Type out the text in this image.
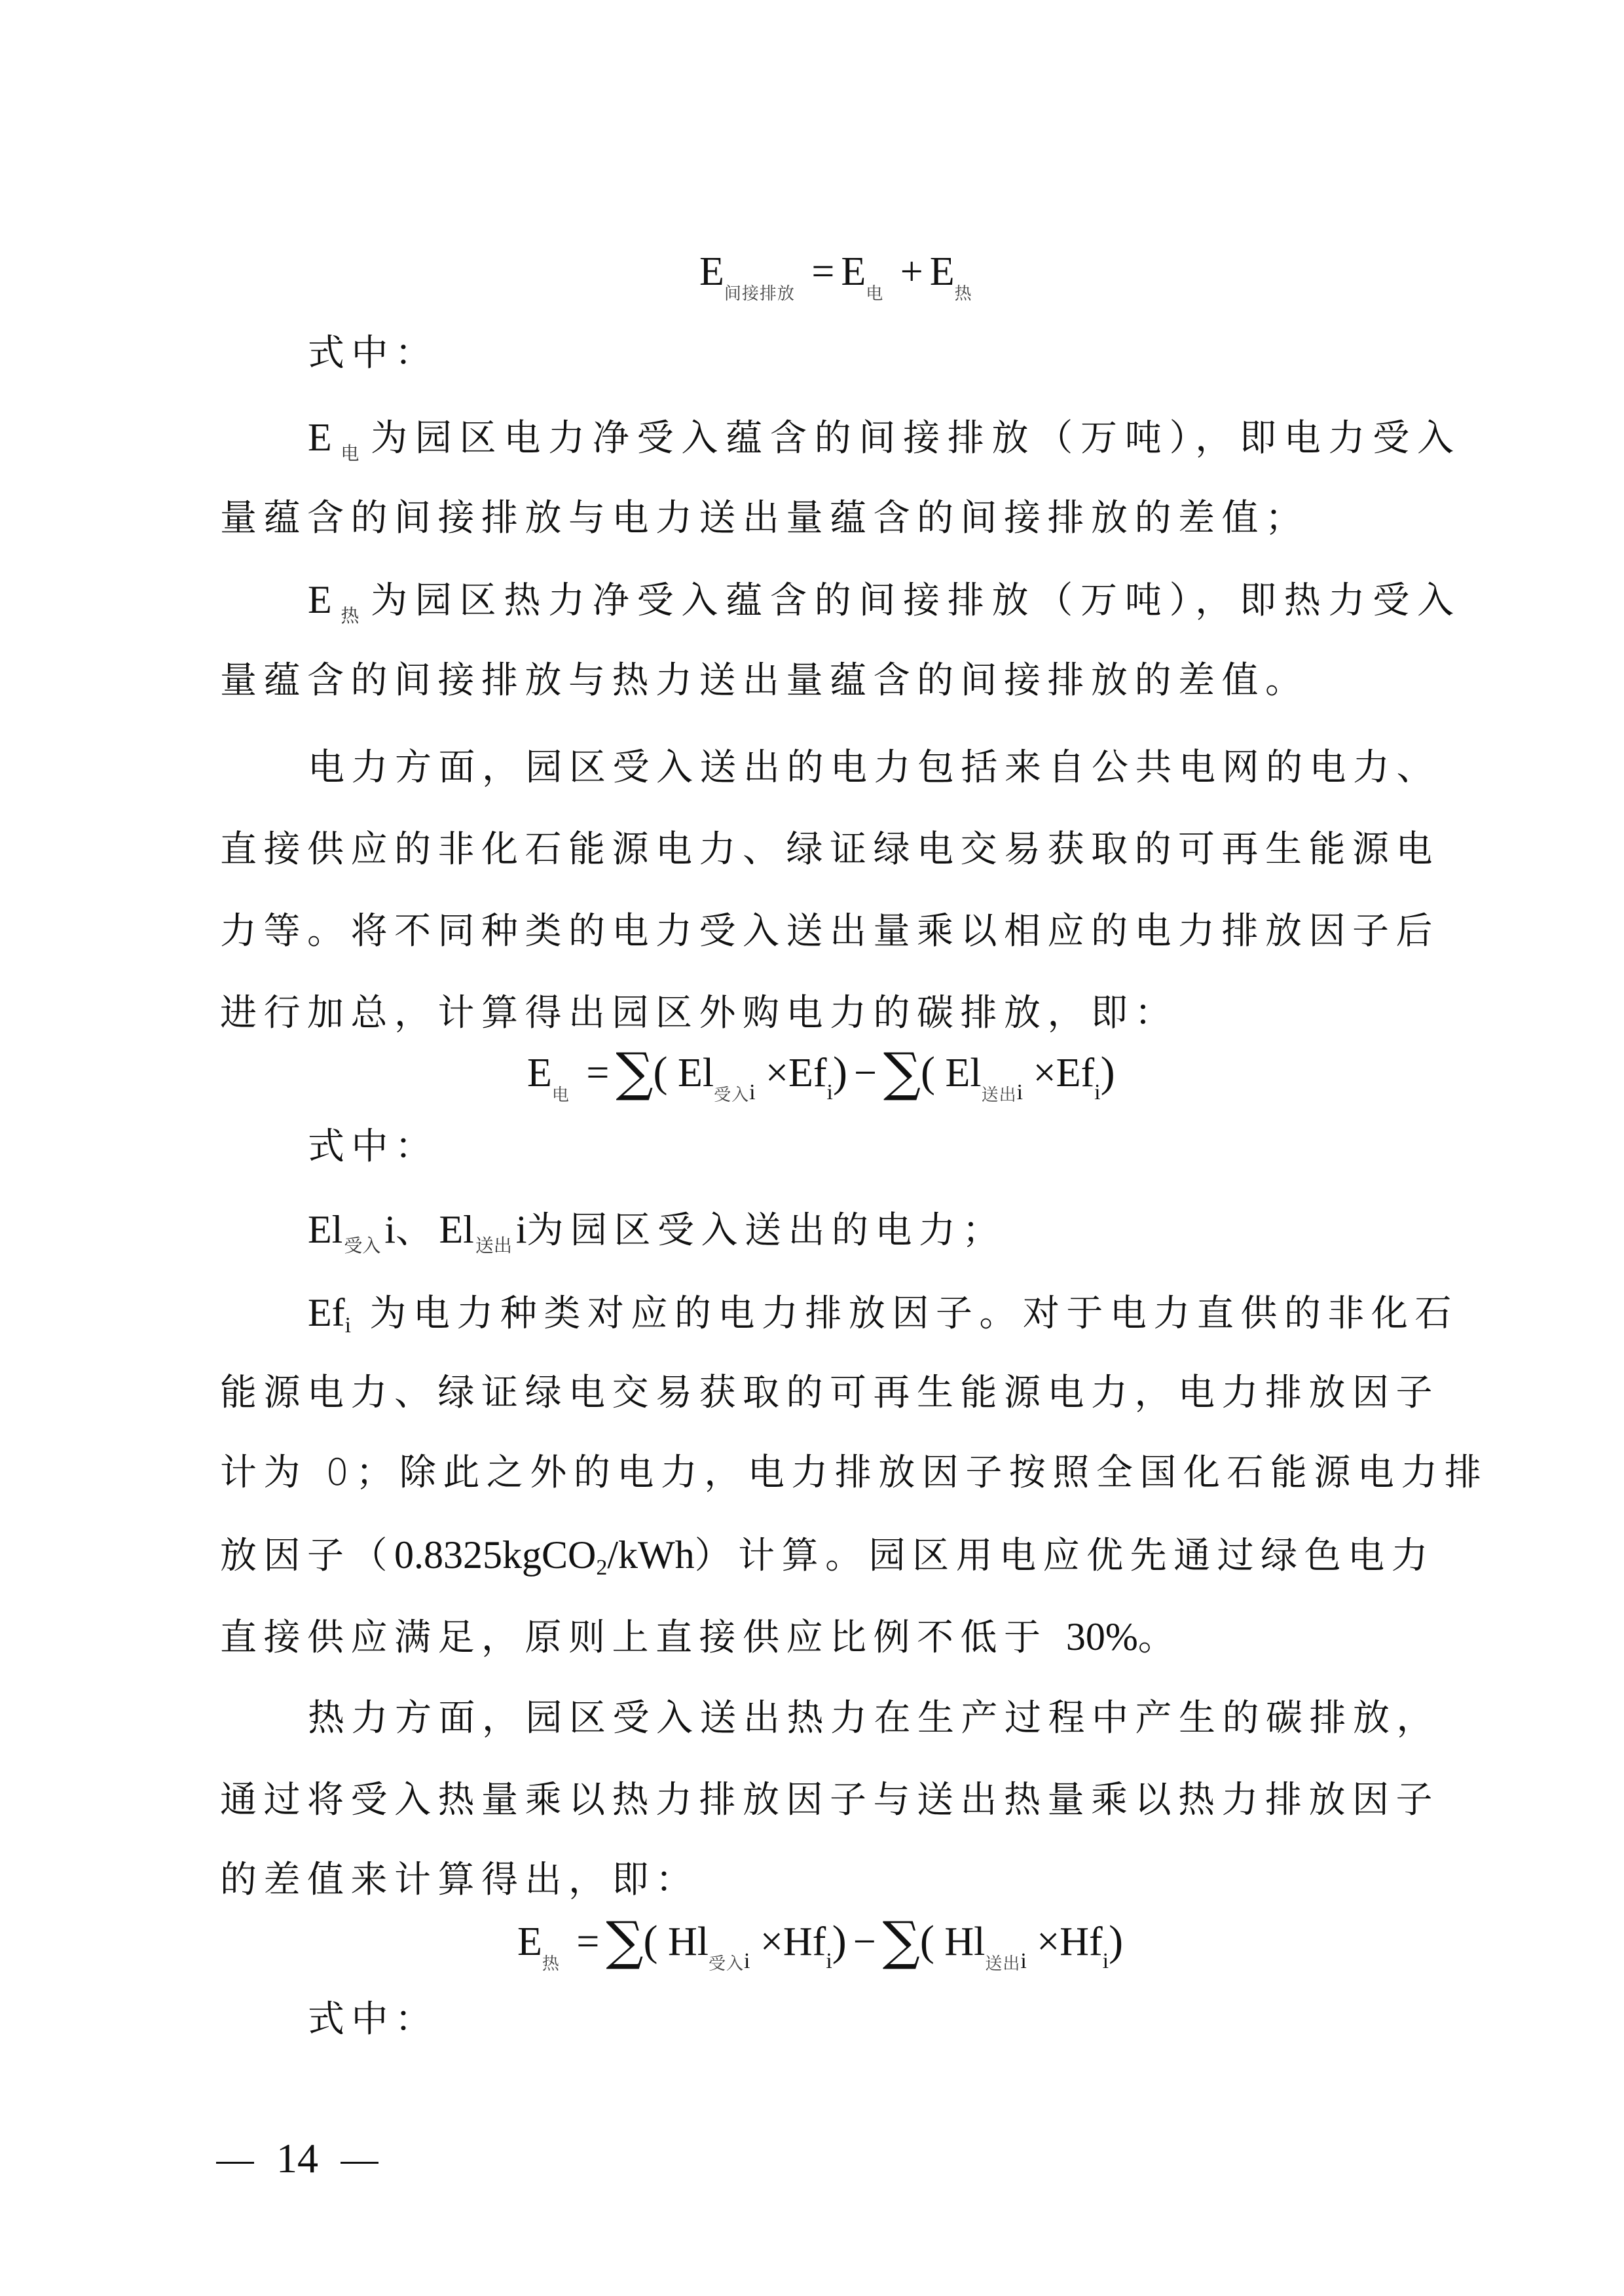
$E_{间接排放} = E_电 + E_热$
式中：
$E_电$ 为园区电力净受入蕴含的间接排放（万吨），即电力受入
量蕴含的间接排放与电力送出量蕴含的间接排放的差值；
$E_热$ 为园区热力净受入蕴含的间接排放（万吨），即热力受入
量蕴含的间接排放与热力送出量蕴含的间接排放的差值。
电力方面，园区受入送出的电力包括来自公共电网的电力、
直接供应的非化石能源电力、绿证绿电交易获取的可再生能源电
力等。将不同种类的电力受入送出量乘以相应的电力排放因子后
进行加总，计算得出园区外购电力的碳排放，即：
$E_电$ = ∑( $El_{受入i} \times Ef_i$) − ∑( $El_{送出i} \times Ef_i$)
式中：
$El_{受入}$ i、$El_{送出}$ i为园区受入送出的电力；
Efi 为电力种类对应的电力排放因子。对于电力直供的非化石
能源电力、绿证绿电交易获取的可再生能源电力，电力排放因子
计为 0；除此之外的电力，电力排放因子按照全国化石能源电力排
放因子（0.8325kgCO2/kWh）计算。园区用电应优先通过绿色电力
直接供应满足，原则上直接供应比例不低于 30%。
热力方面，园区受入送出热力在生产过程中产生的碳排放，
通过将受入热量乘以热力排放因子与送出热量乘以热力排放因子
的差值来计算得出，即：
$E_热$ = ∑( $Hl_{受入i} \times Hf_i$) − ∑( $Hl_{送出i} \times Hf_i$)
式中：
14
